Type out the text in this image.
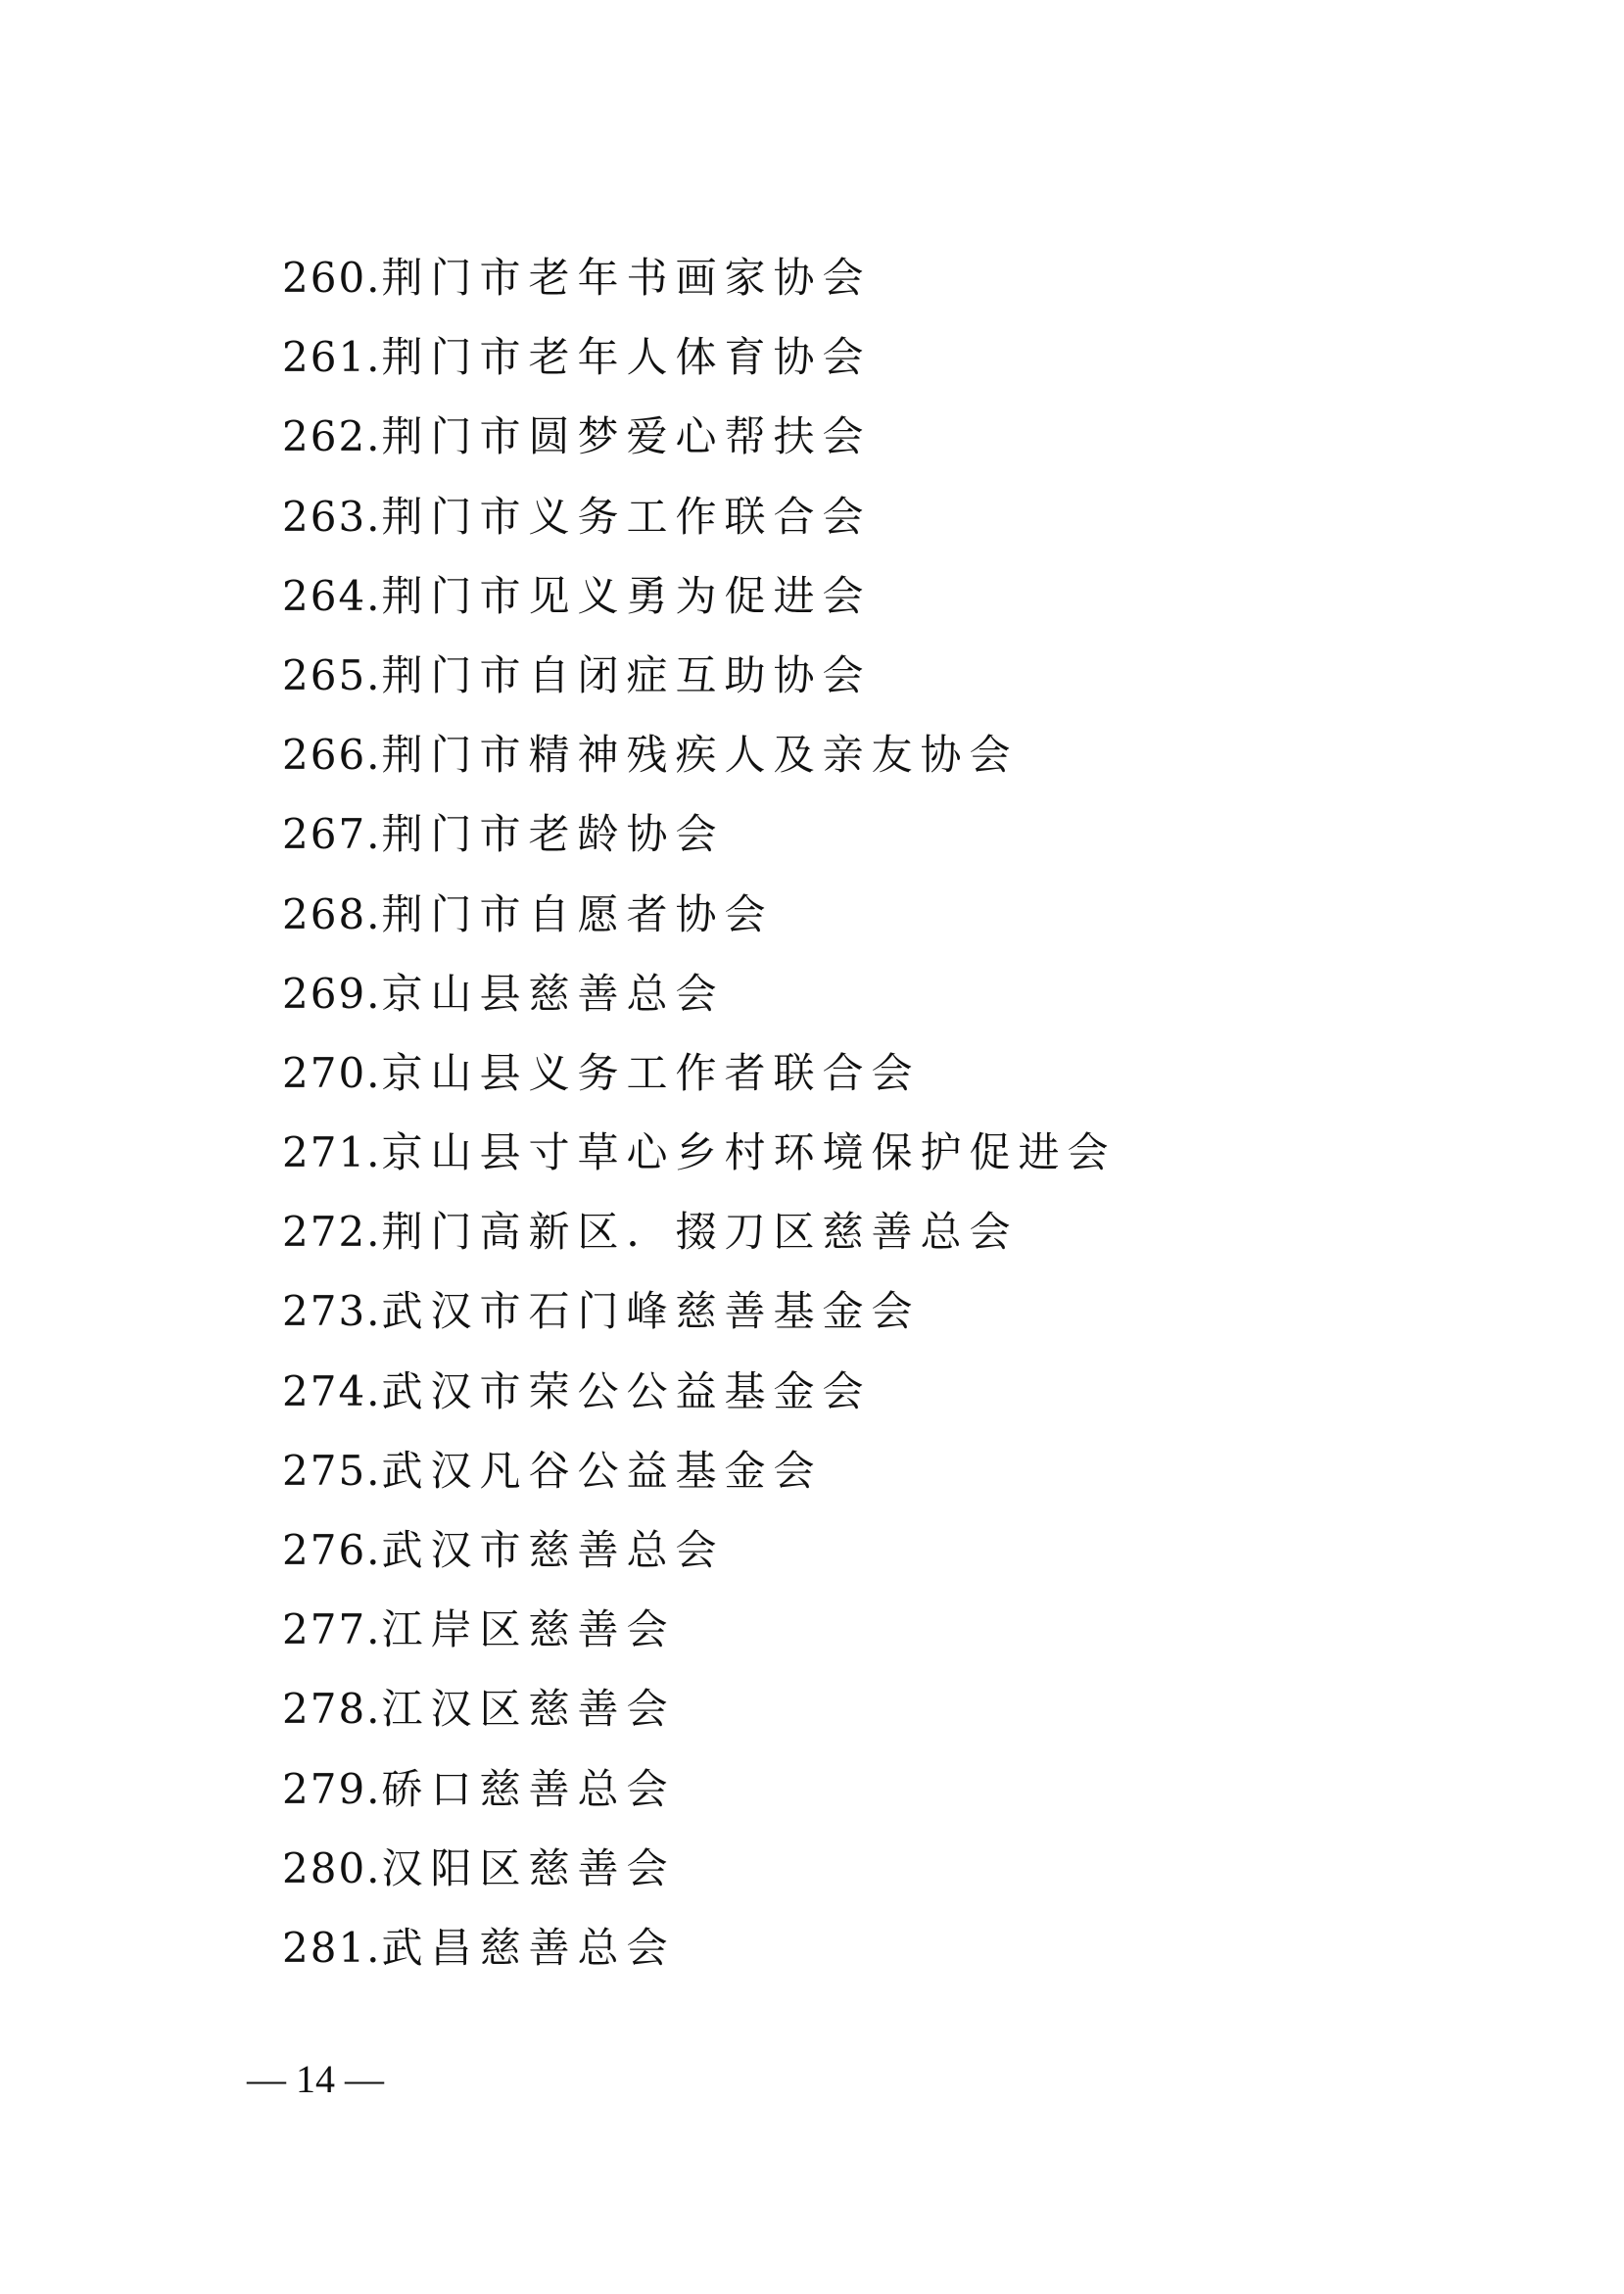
260.荆门市老年书画家协会
261.荆门市老年人体育协会
262.荆门市圆梦爱心帮扶会
263.荆门市义务工作联合会
264.荆门市见义勇为促进会
265.荆门市自闭症互助协会
266.荆门市精神残疾人及亲友协会
267.荆门市老龄协会
268.荆门市自愿者协会
269.京山县慈善总会
270.京山县义务工作者联合会
271.京山县寸草心乡村环境保护促进会
272.荆门高新区．掇刀区慈善总会
273.武汉市石门峰慈善基金会
274.武汉市荣公公益基金会
275.武汉凡谷公益基金会
276.武汉市慈善总会
277.江岸区慈善会
278.江汉区慈善会
279.硚口慈善总会
280.汉阳区慈善会
281.武昌慈善总会
— 14 —
